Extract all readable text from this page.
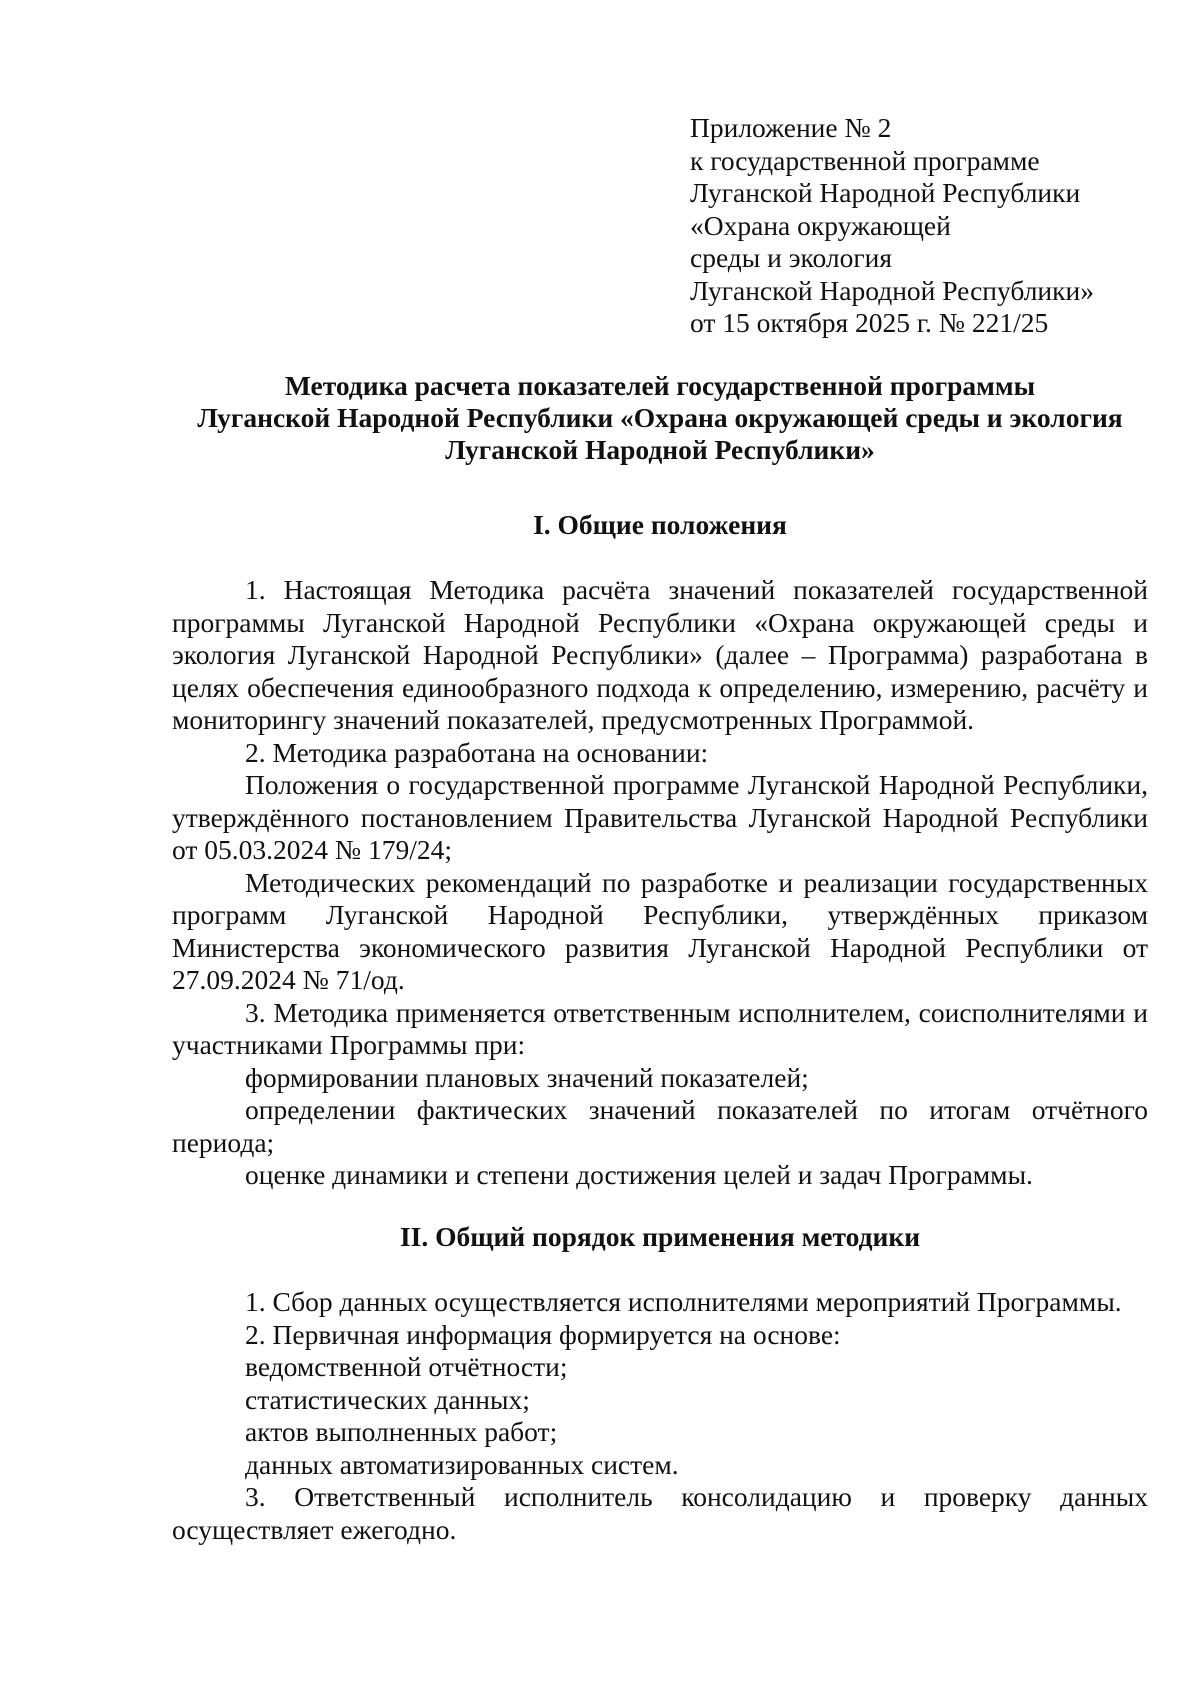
Приложение № 2
к государственной программе
Луганской Народной Республики
«Охрана окружающей
среды и экология
Луганской Народной Республики»
от 15 октября 2025 г. № 221/25
Методика расчета показателей государственной программы
Луганской Народной Республики «Охрана окружающей среды и экология
Луганской Народной Республики»
I. Общие положения

1. Настоящая Методика расчёта значений показателей государственной программы Луганской Народной Республики «Охрана окружающей среды и экология Луганской Народной Республики» (далее – Программа) разработана в целях обеспечения единообразного подхода к определению, измерению, расчёту и мониторингу значений показателей, предусмотренных Программой.

2. Методика разработана на основании:

Положения о государственной программе Луганской Народной Республики, утверждённого постановлением Правительства Луганской Народной Республики от 05.03.2024 № 179/24;

Методических рекомендаций по разработке и реализации государственных программ Луганской Народной Республики, утверждённых приказом Министерства экономического развития Луганской Народной Республики от 27.09.2024 № 71/од.

3. Методика применяется ответственным исполнителем, соисполнителями и участниками Программы при:

формировании плановых значений показателей;

определении фактических значений показателей по итогам отчётного периода;

оценке динамики и степени достижения целей и задач Программы.

II. Общий порядок применения методики

1. Сбор данных осуществляется исполнителями мероприятий Программы.

2. Первичная информация формируется на основе:

ведомственной отчётности;

статистических данных;

актов выполненных работ;

данных автоматизированных систем.

3. Ответственный исполнитель консолидацию и проверку данных осуществляет ежегодно.
